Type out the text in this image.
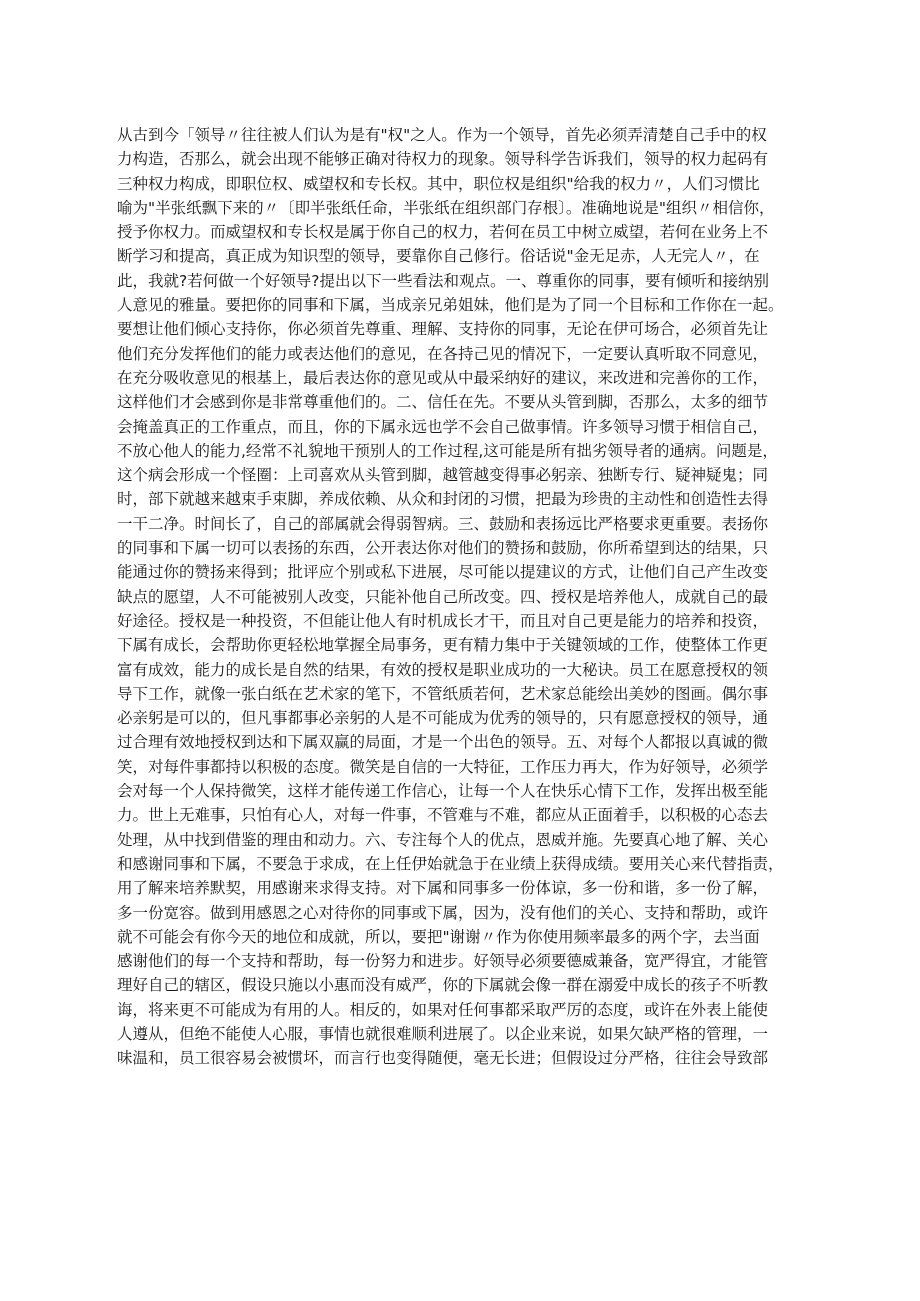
从古到今「领导〃往往被人们认为是有"权"之人。作为一个领导，首先必须弄清楚自己手中的权
力构造，否那么，就会出现不能够正确对待权力的现象。领导科学告诉我们，领导的权力起码有
三种权力构成，即职位权、威望权和专长权。其中，职位权是组织"给我的权力〃，人们习惯比
喻为"半张纸飘下来的〃〔即半张纸任命，半张纸在组织部门存根〕。准确地说是"组织〃相信你，
授予你权力。而威望权和专长权是属于你自己的权力，若何在员工中树立威望，若何在业务上不
断学习和提高，真正成为知识型的领导，要靠你自己修行。俗话说"金无足赤，人无完人〃，在
此，我就?若何做一个好领导?提出以下一些看法和观点。一、尊重你的同事，要有倾听和接纳别
人意见的雅量。要把你的同事和下属，当成亲兄弟姐妹，他们是为了同一个目标和工作你在一起。
要想让他们倾心支持你，你必须首先尊重、理解、支持你的同事，无论在伊可场合，必须首先让
他们充分发挥他们的能力或表达他们的意见，在各持己见的情况下，一定要认真听取不同意见，
在充分吸收意见的根基上，最后表达你的意见或从中最采纳好的建议，来改进和完善你的工作，
这样他们才会感到你是非常尊重他们的。二、信任在先。不要从头管到脚，否那么，太多的细节
会掩盖真正的工作重点，而且，你的下属永远也学不会自己做事情。许多领导习惯于相信自己，
不放心他人的能力,经常不礼貌地干预别人的工作过程,这可能是所有拙劣领导者的通病。问题是，
这个病会形成一个怪圈：上司喜欢从头管到脚，越管越变得事必躬亲、独断专行、疑神疑鬼；同
时，部下就越来越束手束脚，养成依赖、从众和封闭的习惯，把最为珍贵的主动性和创造性去得
一干二净。时间长了，自己的部属就会得弱智病。三、鼓励和表扬远比严格要求更重要。表扬你
的同事和下属一切可以表扬的东西，公开表达你对他们的赞扬和鼓励，你所希望到达的结果，只
能通过你的赞扬来得到；批评应个别或私下进展，尽可能以提建议的方式，让他们自己产生改变
缺点的愿望，人不可能被别人改变，只能补他自己所改变。四、授权是培养他人，成就自己的最
好途径。授权是一种投资，不但能让他人有时机成长才干，而且对自己更是能力的培养和投资，
下属有成长，会帮助你更轻松地掌握全局事务，更有精力集中于关键领域的工作，使整体工作更
富有成效，能力的成长是自然的结果，有效的授权是职业成功的一大秘诀。员工在愿意授权的领
导下工作，就像一张白纸在艺术家的笔下，不管纸质若何，艺术家总能绘出美妙的图画。偶尔事
必亲躬是可以的，但凡事都事必亲躬的人是不可能成为优秀的领导的，只有愿意授权的领导，通
过合理有效地授权到达和下属双赢的局面，才是一个出色的领导。五、对每个人都报以真诚的微
笑，对每件事都持以积极的态度。微笑是自信的一大特征，工作压力再大，作为好领导，必须学
会对每一个人保持微笑，这样才能传递工作信心，让每一个人在快乐心情下工作，发挥出极至能
力。世上无难事，只怕有心人，对每一件事，不管难与不难，都应从正面着手，以积极的心态去
处理，从中找到借鉴的理由和动力。六、专注每个人的优点，恩威并施。先要真心地了解、关心
和感谢同事和下属，不要急于求成，在上任伊始就急于在业绩上获得成绩。要用关心来代替指责，
用了解来培养默契，用感谢来求得支持。对下属和同事多一份体谅，多一份和谐，多一份了解，
多一份宽容。做到用感恩之心对待你的同事或下属，因为，没有他们的关心、支持和帮助，或许
就不可能会有你今天的地位和成就，所以，要把"谢谢〃作为你使用频率最多的两个字，去当面
感谢他们的每一个支持和帮助，每一份努力和进步。好领导必须要德威兼备，宽严得宜，才能管
理好自己的辖区，假设只施以小惠而没有威严，你的下属就会像一群在溺爱中成长的孩子不听教
诲，将来更不可能成为有用的人。相反的，如果对任何事都采取严厉的态度，或许在外表上能使
人遵从，但绝不能使人心服，事情也就很难顺利进展了。以企业来说，如果欠缺严格的管理，一
味温和，员工很容易会被惯坏，而言行也变得随便，毫无长进；但假设过分严格，往往会导致部
